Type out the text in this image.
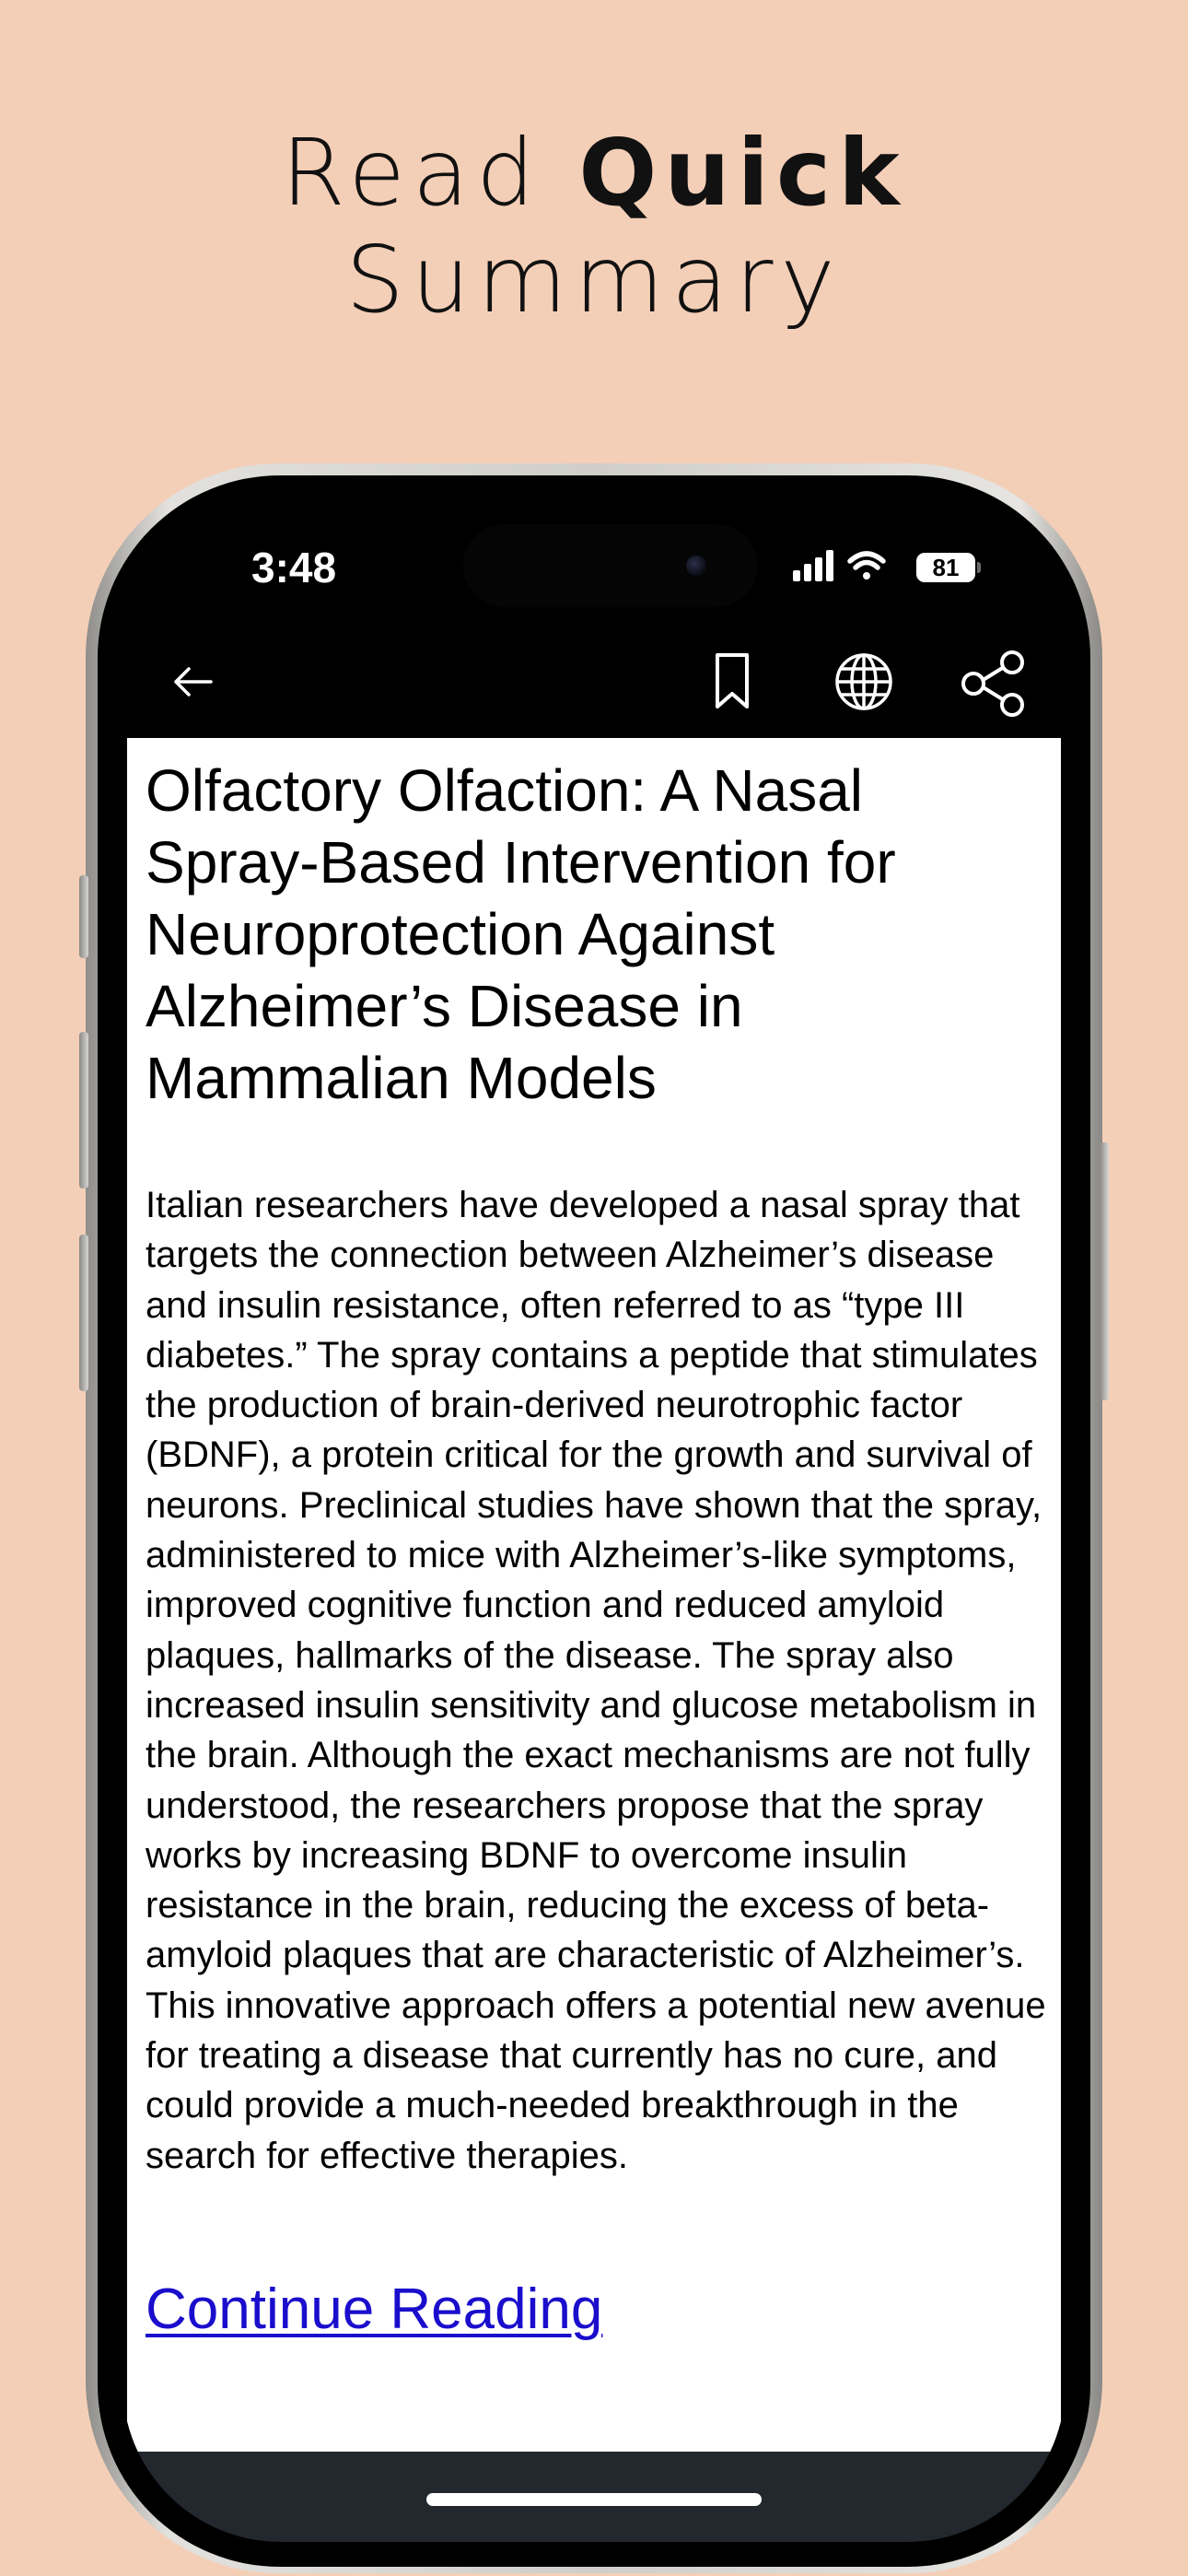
Read Quick
Summary
3:48	81
Olfactory Olfaction: A Nasal Spray-Based Intervention for Neuroprotection Against Alzheimer’s Disease in Mammalian Models

Italian researchers have developed a nasal spray that targets the connection between Alzheimer’s disease and insulin resistance, often referred to as “type III diabetes.” The spray contains a peptide that stimulates the production of brain-derived neurotrophic factor (BDNF), a protein critical for the growth and survival of neurons. Preclinical studies have shown that the spray, administered to mice with Alzheimer’s-like symptoms, improved cognitive function and reduced amyloid plaques, hallmarks of the disease. The spray also increased insulin sensitivity and glucose metabolism in the brain. Although the exact mechanisms are not fully understood, the researchers propose that the spray works by increasing BDNF to overcome insulin resistance in the brain, reducing the excess of beta-amyloid plaques that are characteristic of Alzheimer’s. This innovative approach offers a potential new avenue for treating a disease that currently has no cure, and could provide a much-needed breakthrough in the search for effective therapies.

Continue Reading
